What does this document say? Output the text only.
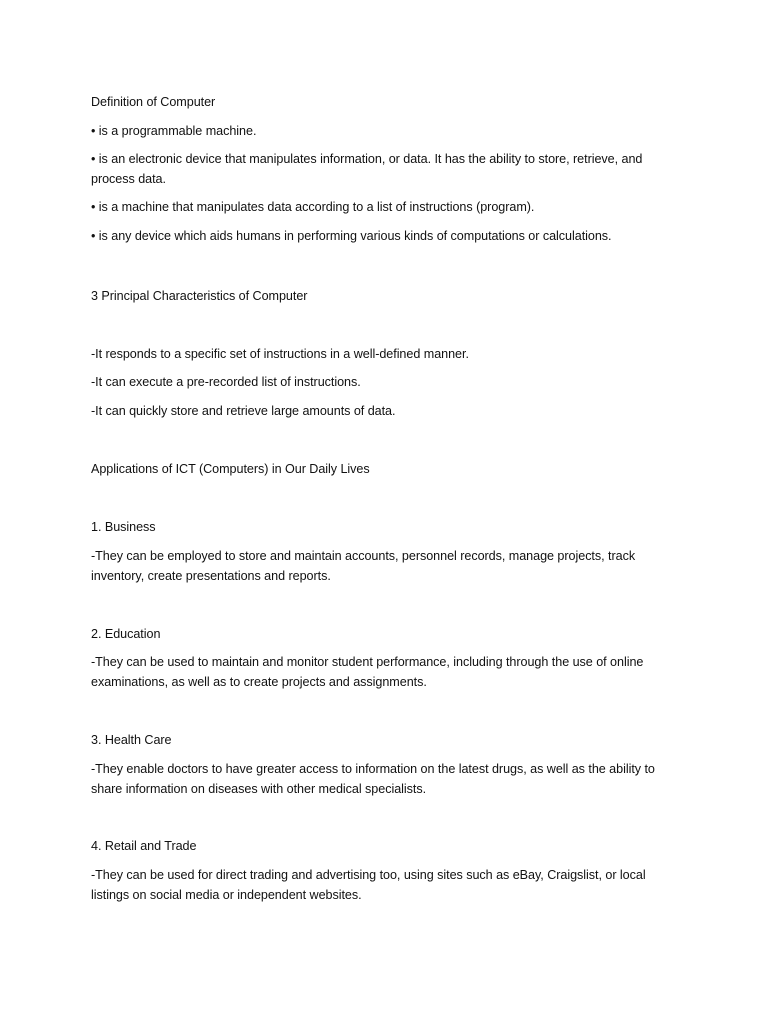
Definition of Computer
• is a programmable machine.
• is an electronic device that manipulates information, or data. It has the ability to store, retrieve, and process data.
• is a machine that manipulates data according to a list of instructions (program).
• is any device which aids humans in performing various kinds of computations or calculations.
3 Principal Characteristics of Computer
-It responds to a specific set of instructions in a well-defined manner.
-It can execute a pre-recorded list of instructions.
-It can quickly store and retrieve large amounts of data.
Applications of ICT (Computers) in Our Daily Lives
1. Business
-They can be employed to store and maintain accounts, personnel records, manage projects, track inventory, create presentations and reports.
2. Education
-They can be used to maintain and monitor student performance, including through the use of online examinations, as well as to create projects and assignments.
3. Health Care
-They enable doctors to have greater access to information on the latest drugs, as well as the ability to share information on diseases with other medical specialists.
4. Retail and Trade
-They can be used for direct trading and advertising too, using sites such as eBay, Craigslist, or local listings on social media or independent websites.
